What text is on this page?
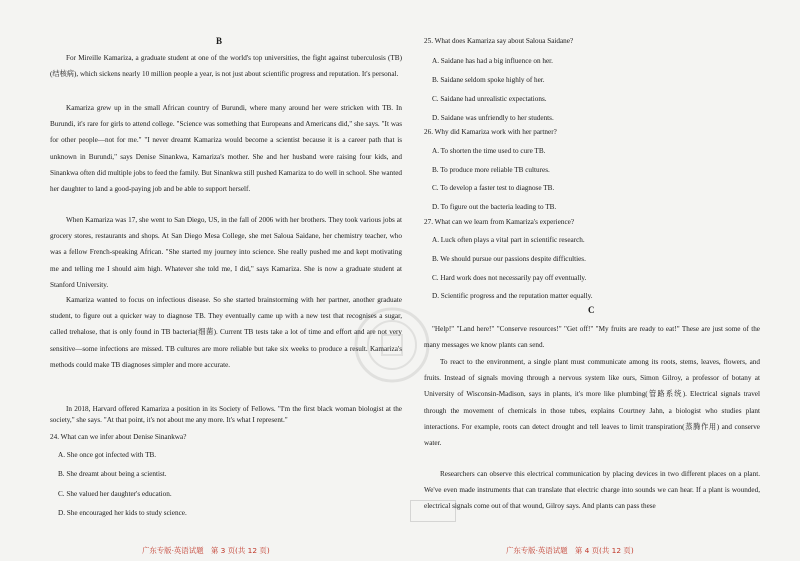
B

For Mireille Kamariza, a graduate student at one of the world's top universities, the fight against tuberculosis (TB)(结核病), which sickens nearly 10 million people a year, is not just about scientific progress and reputation. It's personal.

Kamariza grew up in the small African country of Burundi, where many around her were stricken with TB. In Burundi, it's rare for girls to attend college. "Science was something that Europeans and Americans did," she says. "It was for other people—not for me." "I never dreamt Kamariza would become a scientist because it is a career path that is unknown in Burundi," says Denise Sinankwa, Kamariza's mother. She and her husband were raising four kids, and Sinankwa often did multiple jobs to feed the family. But Sinankwa still pushed Kamariza to do well in school. She wanted her daughter to land a good-paying job and be able to support herself.

When Kamariza was 17, she went to San Diego, US, in the fall of 2006 with her brothers. They took various jobs at grocery stores, restaurants and shops. At San Diego Mesa College, she met Saloua Saidane, her chemistry teacher, who was a fellow French-speaking African. "She started my journey into science. She really pushed me and kept motivating me and telling me I should aim high. Whatever she told me, I did," says Kamariza. She is now a graduate student at Stanford University.

Kamariza wanted to focus on infectious disease. So she started brainstorming with her partner, another graduate student, to figure out a quicker way to diagnose TB. They eventually came up with a new test that recognises a sugar, called trehalose, that is only found in TB bacteria(细菌). Current TB tests take a lot of time and effort and are not very sensitive—some infections are missed. TB cultures are more reliable but take six weeks to produce a result. Kamariza's methods could make TB diagnoses simpler and more accurate.

In 2018, Harvard offered Kamariza a position in its Society of Fellows. "I'm the first black woman biologist at the society," she says. "At that point, it's not about me any more. It's what I represent."

24. What can we infer about Denise Sinankwa?

A. She once got infected with TB.

B. She dreamt about being a scientist.

C. She valued her daughter's education.

D. She encouraged her kids to study science.

广东专版·英语试题　第 3 页(共 12 页)

25. What does Kamariza say about Saloua Saidane?

A. Saidane has had a big influence on her.

B. Saidane seldom spoke highly of her.

C. Saidane had unrealistic expectations.

D. Saidane was unfriendly to her students.

26. Why did Kamariza work with her partner?

A. To shorten the time used to cure TB.

B. To produce more reliable TB cultures.

C. To develop a faster test to diagnose TB.

D. To figure out the bacteria leading to TB.

27. What can we learn from Kamariza's experience?

A. Luck often plays a vital part in scientific research.

B. We should pursue our passions despite difficulties.

C. Hard work does not necessarily pay off eventually.

D. Scientific progress and the reputation matter equally.

C

"Help!" "Land here!" "Conserve resources!" "Get off!" "My fruits are ready to eat!" These are just some of the many messages we know plants can send.

To react to the environment, a single plant must communicate among its roots, stems, leaves, flowers, and fruits. Instead of signals moving through a nervous system like ours, Simon Gilroy, a professor of botany at University of Wisconsin-Madison, says in plants, it's more like plumbing(管路系统). Electrical signals travel through the movement of chemicals in those tubes, explains Courtney Jahn, a biologist who studies plant interactions. For example, roots can detect drought and tell leaves to limit transpiration(蒸腾作用) and conserve water.

Researchers can observe this electrical communication by placing devices in two different places on a plant. We've even made instruments that can translate that electric charge into sounds we can hear. If a plant is wounded, electrical signals come out of that wound, Gilroy says. And plants can pass these

广东专版·英语试题　第 4 页(共 12 页)
